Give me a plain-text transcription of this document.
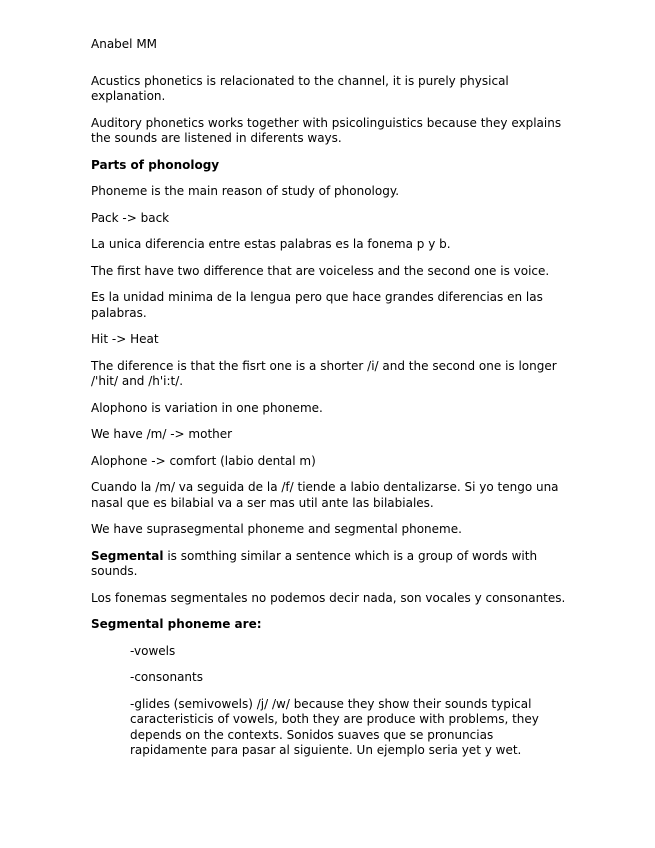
Anabel MM

Acustics phonetics is relacionated to the channel, it is purely physical explanation.

Auditory phonetics works together with psicolinguistics because they explains the sounds are listened in diferents ways.

Parts of phonology

Phoneme is the main reason of study of phonology.

Pack -> back

La unica diferencia entre estas palabras es la fonema p y b.

The first have two difference that are voiceless and the second one is voice.

Es la unidad minima de la lengua pero que hace grandes diferencias en las palabras.

Hit -> Heat

The diference is that the fisrt one is a shorter /i/ and the second one is longer /'hit/ and /h'i:t/.

Alophono is variation in one phoneme.

We have /m/ -> mother

Alophone -> comfort (labio dental m)

Cuando la /m/ va seguida de la /f/ tiende a labio dentalizarse. Si yo tengo una nasal que es bilabial va a ser mas util ante las bilabiales.

We have suprasegmental phoneme and segmental phoneme.

Segmental is somthing similar a sentence which is a group of words with sounds.

Los fonemas segmentales no podemos decir nada, son vocales y consonantes.

Segmental phoneme are:

-vowels

-consonants

-glides (semivowels) /j/ /w/ because they show their sounds typical caracteristicis of vowels, both they are produce with problems, they depends on the contexts. Sonidos suaves que se pronuncias rapidamente para pasar al siguiente. Un ejemplo seria yet y wet.
